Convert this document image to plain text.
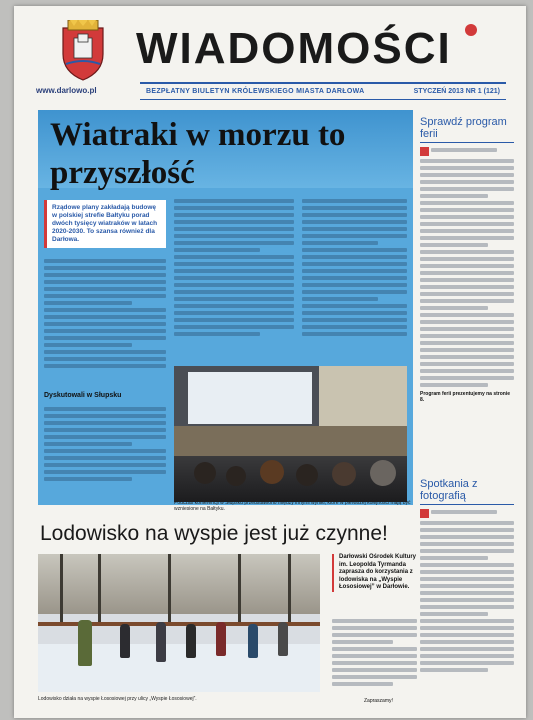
WIADOMOŚCI
www.darlowo.pl	BEZPŁATNY BIULETYN KRÓLEWSKIEGO MIASTA DARŁOWA	STYCZEŃ 2013 NR 1 (121)
Wiatraki w morzu to przyszłość
Rządowe plany zakładają budowę w polskiej strefie Bałtyku porad dwóch tysięcy wiatraków w latach 2020-2030. To szansa również dla Darłowa.
Dyskutowali w Słupsku
Podczas konferencji w Słupsku przedstawiono między innymi wyniki, które w pierwszej kolejności mają być wzniesione na Bałtyku.
Sprawdź program ferii
Program ferii prezentujemy na stronie 8.
Spotkania z fotografią
Lodowisko na wyspie jest już czynne!
Lodowisko działa na wyspie Łososiowej przy ulicy „Wyspie Łososiowej”.
Darłowski Ośrodek Kultury im. Leopolda Tyrmanda zaprasza do korzystania z lodowiska na „Wyspie Łososiowej” w Darłowie.
Zapraszamy!
